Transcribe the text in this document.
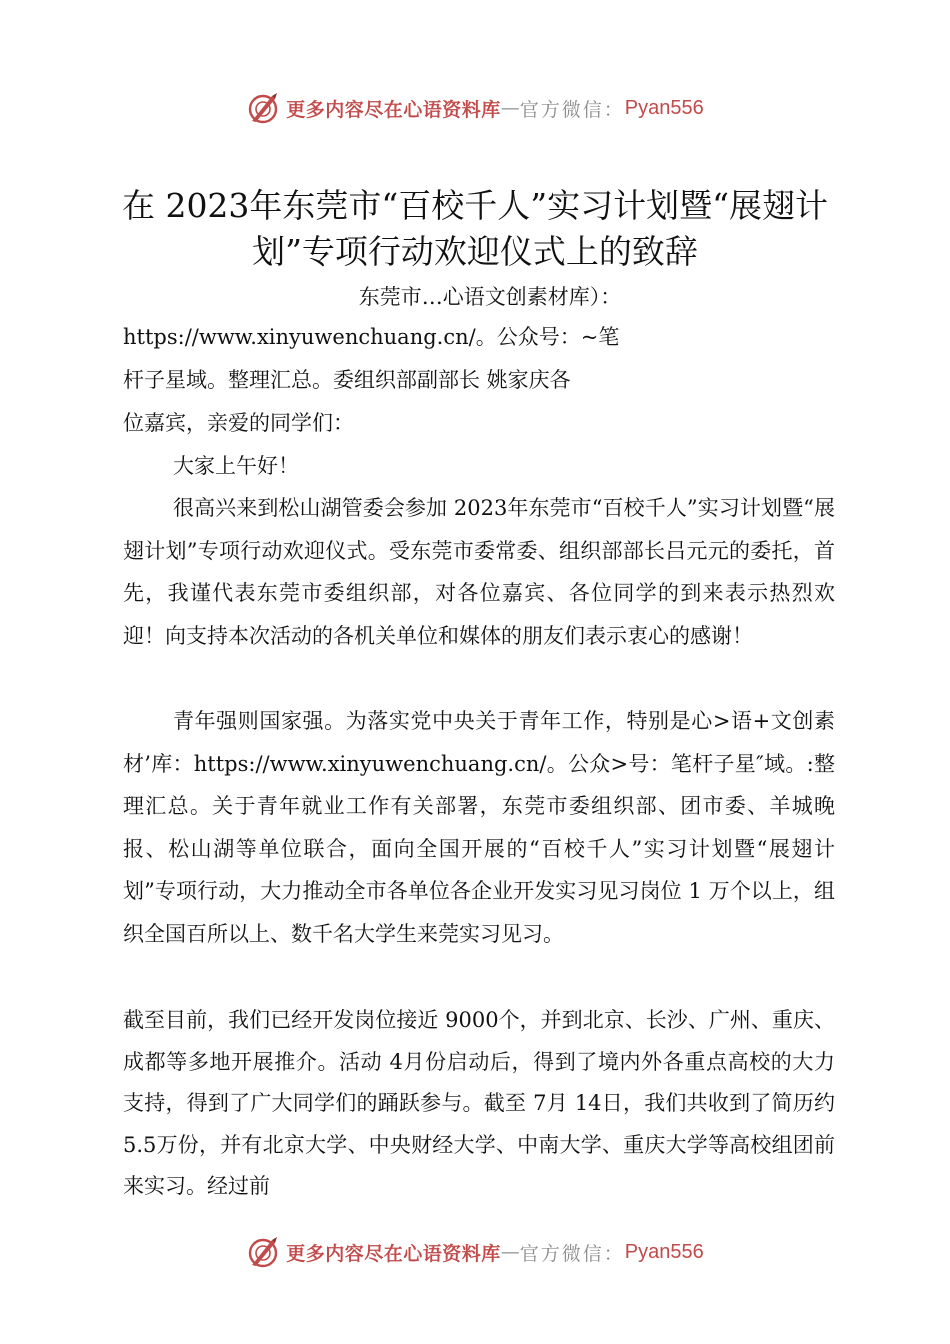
更多内容尽在心语资料库 — 官方微信： Pyan556
在 2023年东莞市“百校千人”实习计划暨“展翅计划”专项行动欢迎仪式上的致辞
东莞市…心语文创素材库）：
https://www.xinyuwenchuang.cn/。公众号：~笔
杆子星域。整理汇总。委组织部副部长 姚家庆各
位嘉宾，亲爱的同学们：
大家上午好！

很高兴来到松山湖管委会参加 2023年东莞市“百校千人”实习计划暨“展翅计划”专项行动欢迎仪式。受东莞市委常委、组织部部长吕元元的委托，首先，我谨代表东莞市委组织部，对各位嘉宾、各位同学的到来表示热烈欢迎！向支持本次活动的各机关单位和媒体的朋友们表示衷心的感谢！

青年强则国家强。为落实党中央关于青年工作，特别是心>语+文创素材’库：https://www.xinyuwenchuang.cn/。公众>号：笔杆子星″域。:整理汇总。关于青年就业工作有关部署，东莞市委组织部、团市委、羊城晚报、松山湖等单位联合，面向全国开展的“百校千人”实习计划暨“展翅计划”专项行动，大力推动全市各单位各企业开发实习见习岗位 1 万个以上，组织全国百所以上、数千名大学生来莞实习见习。

截至目前，我们已经开发岗位接近 9000个，并到北京、长沙、广州、重庆、成都等多地开展推介。活动 4月份启动后，得到了境内外各重点高校的大力支持，得到了广大同学们的踊跃参与。截至 7月 14日，我们共收到了简历约 5.5万份，并有北京大学、中央财经大学、中南大学、重庆大学等高校组团前来实习。经过前

更多内容尽在心语资料库 — 官方微信： Pyan556
